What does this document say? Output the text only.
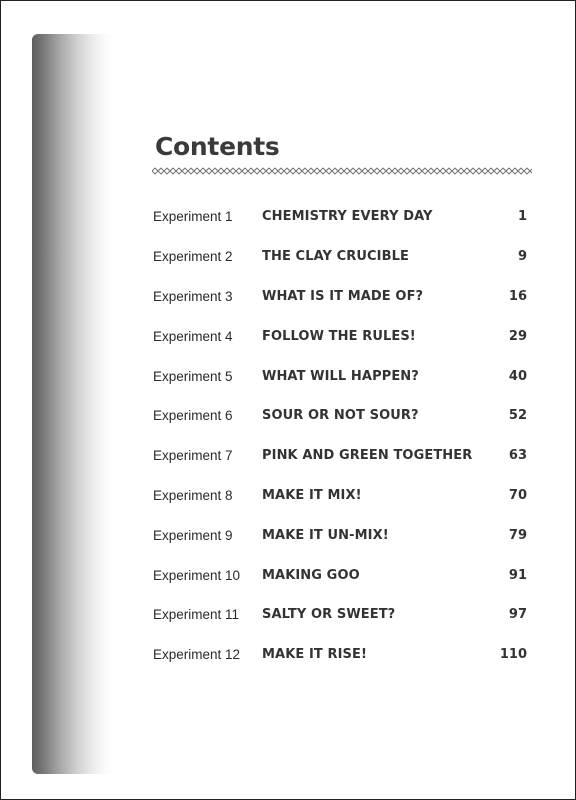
Contents
Experiment 1	CHEMISTRY EVERY DAY	1
Experiment 2	THE CLAY CRUCIBLE	9
Experiment 3	WHAT IS IT MADE OF?	16
Experiment 4	FOLLOW THE RULES!	29
Experiment 5	WHAT WILL HAPPEN?	40
Experiment 6	SOUR OR NOT SOUR?	52
Experiment 7	PINK AND GREEN TOGETHER	63
Experiment 8	MAKE IT MIX!	70
Experiment 9	MAKE IT UN-MIX!	79
Experiment 10	MAKING GOO	91
Experiment 11	SALTY OR SWEET?	97
Experiment 12	MAKE IT RISE!	110
